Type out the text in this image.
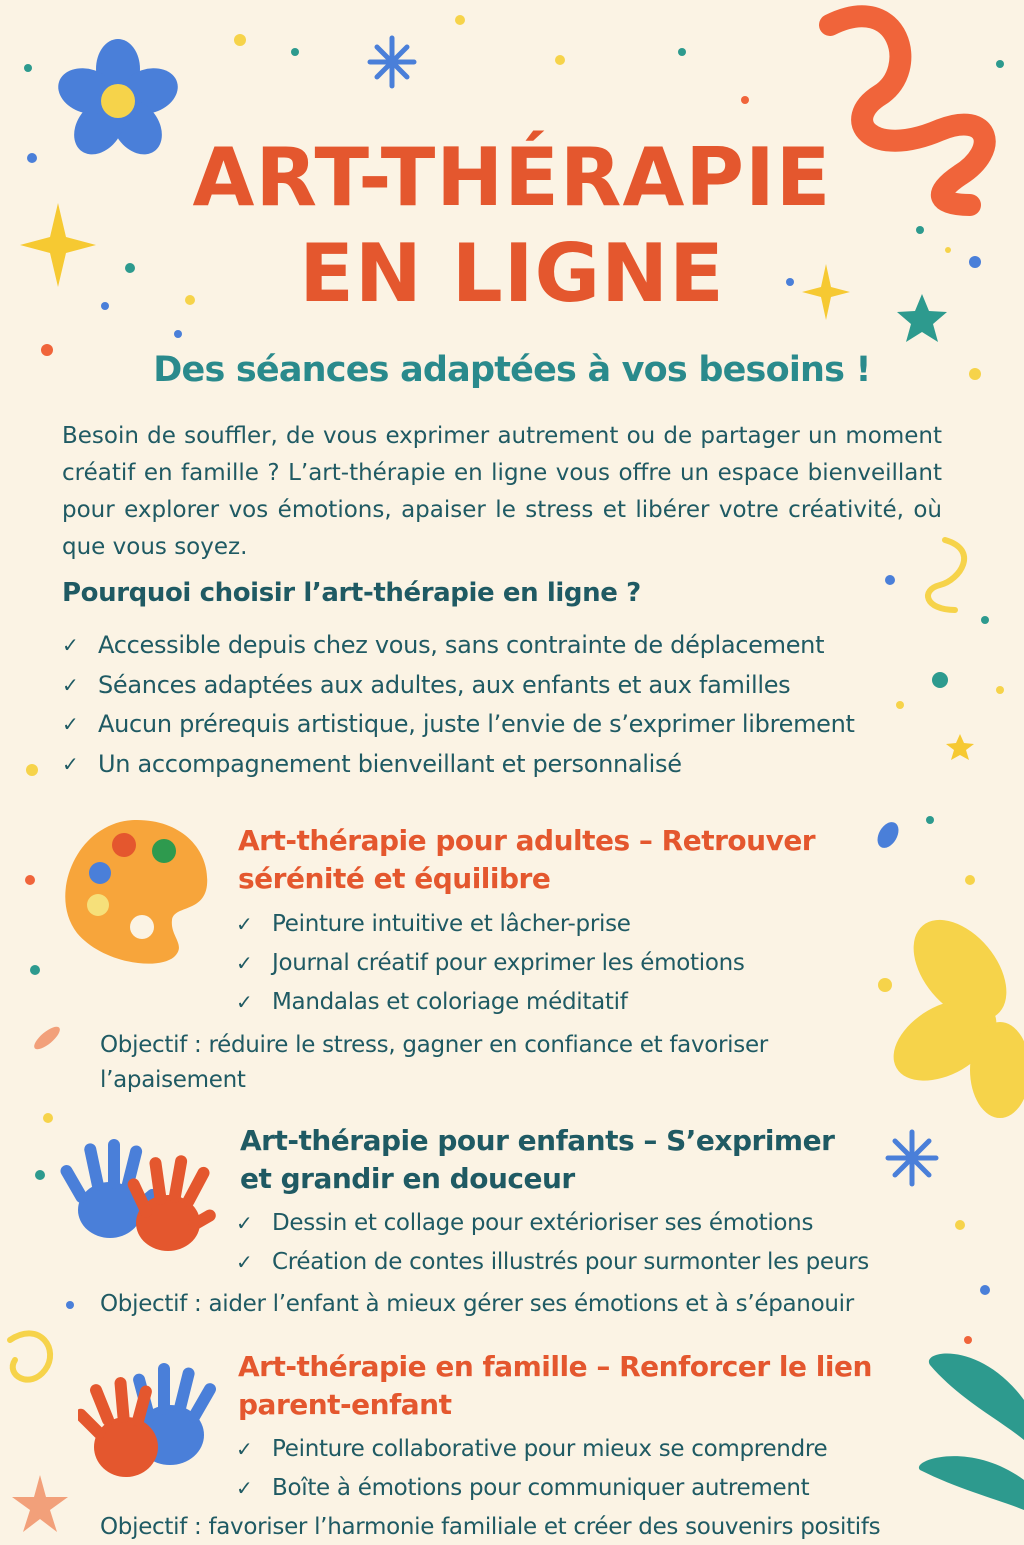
ART-THÉRAPIE
EN LIGNE
Des séances adaptées à vos besoins !
Besoin de souffler, de vous exprimer autrement ou de partager un moment créatif en famille ? L’art-thérapie en ligne vous offre un espace bienveillant pour explorer vos émotions, apaiser le stress et libérer votre créativité, où que vous soyez.
Pourquoi choisir l’art-thérapie en ligne ?
✓ Accessible depuis chez vous, sans contrainte de déplacement
✓ Séances adaptées aux adultes, aux enfants et aux familles
✓ Aucun prérequis artistique, juste l’envie de s’exprimer librement
✓ Un accompagnement bienveillant et personnalisé
Art-thérapie pour adultes – Retrouver
sérénité et équilibre
✓ Peinture intuitive et lâcher-prise
✓ Journal créatif pour exprimer les émotions
✓ Mandalas et coloriage méditatif
Objectif : réduire le stress, gagner en confiance et favoriser l’apaisement
Art-thérapie pour enfants – S’exprimer
et grandir en douceur
✓ Dessin et collage pour extérioriser ses émotions
✓ Création de contes illustrés pour surmonter les peurs
Objectif : aider l’enfant à mieux gérer ses émotions et à s’épanouir
Art-thérapie en famille – Renforcer le lien
parent-enfant
✓ Peinture collaborative pour mieux se comprendre
✓ Boîte à émotions pour communiquer autrement
Objectif : favoriser l’harmonie familiale et créer des souvenirs positifs
